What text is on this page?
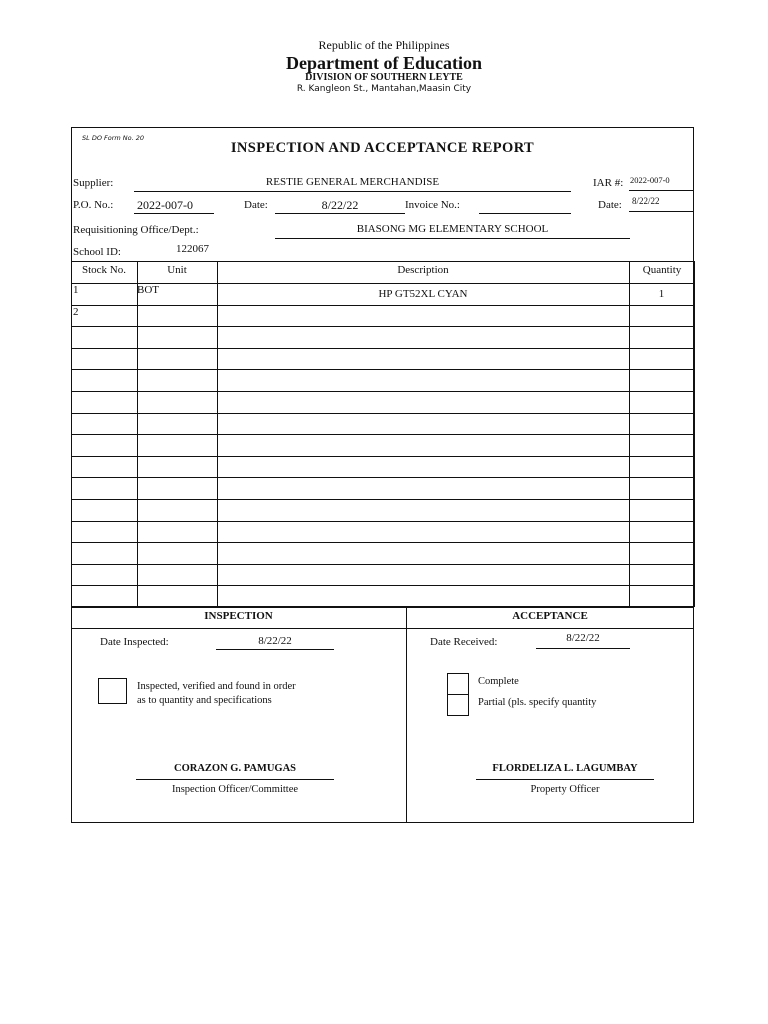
Republic of the Philippines
Department of Education
DIVISION OF SOUTHERN LEYTE
R. Kangleon St., Mantahan,Maasin City
SL DO Form No. 20
INSPECTION AND ACCEPTANCE REPORT
Supplier:	RESTIE GENERAL MERCHANDISE	IAR #: 2022-007-0
P.O. No.: 2022-007-0	Date:	8/22/22	Invoice No.:	Date: 8/22/22
Requisitioning Office/Dept.:	BIASONG MG ELEMENTARY SCHOOL
School ID:	122067
Stock No.	Unit	Description	Quantity
1	BOT	HP GT52XL CYAN	1
2
INSPECTION	ACCEPTANCE
Date Inspected:	8/22/22
Inspected, verified and found in order
as to quantity and specifications
CORAZON G. PAMUGAS
Inspection Officer/Committee
Date Received:	8/22/22
Complete
Partial (pls. specify quantity
FLORDELIZA L. LAGUMBAY
Property Officer
